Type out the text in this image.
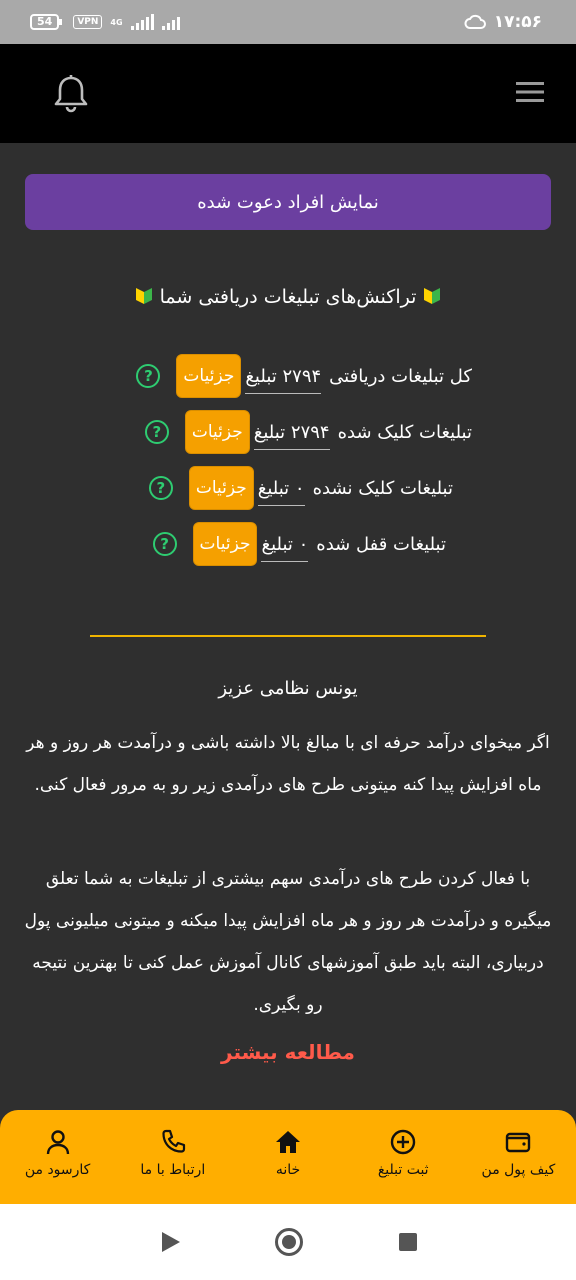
54	VPN	4G	۱۷:۵۶
نمایش افراد دعوت شده
تراکنش‌های تبلیغات دریافتی شما
کل تبلیغات دریافتی
۲۷۹۴ تبلیغ
جزئیات
?
تبلیغات کلیک شده
۲۷۹۴ تبلیغ
جزئیات
?
تبلیغات کلیک نشده
۰ تبلیغ
جزئیات
?
تبلیغات قفل شده
۰ تبلیغ
جزئیات
?
یونس نظامی عزیز
اگر میخوای درآمد حرفه ای با مبالغ بالا داشته باشی و درآمدت هر روز و هر ماه افزایش پیدا کنه میتونی طرح های درآمدی زیر رو به مرور فعال کنی.
با فعال کردن طرح های درآمدی سهم بیشتری از تبلیغات به شما تعلق میگیره و درآمدت هر روز و هر ماه افزایش پیدا میکنه و میتونی میلیونی پول دربیاری، البته باید طبق آموزشهای کانال آموزش عمل کنی تا بهترین نتیجه رو بگیری.
مطالعه بیشتر
کیف پول من
ثبت تبلیغ
خانه
ارتباط با ما
کارسود من
